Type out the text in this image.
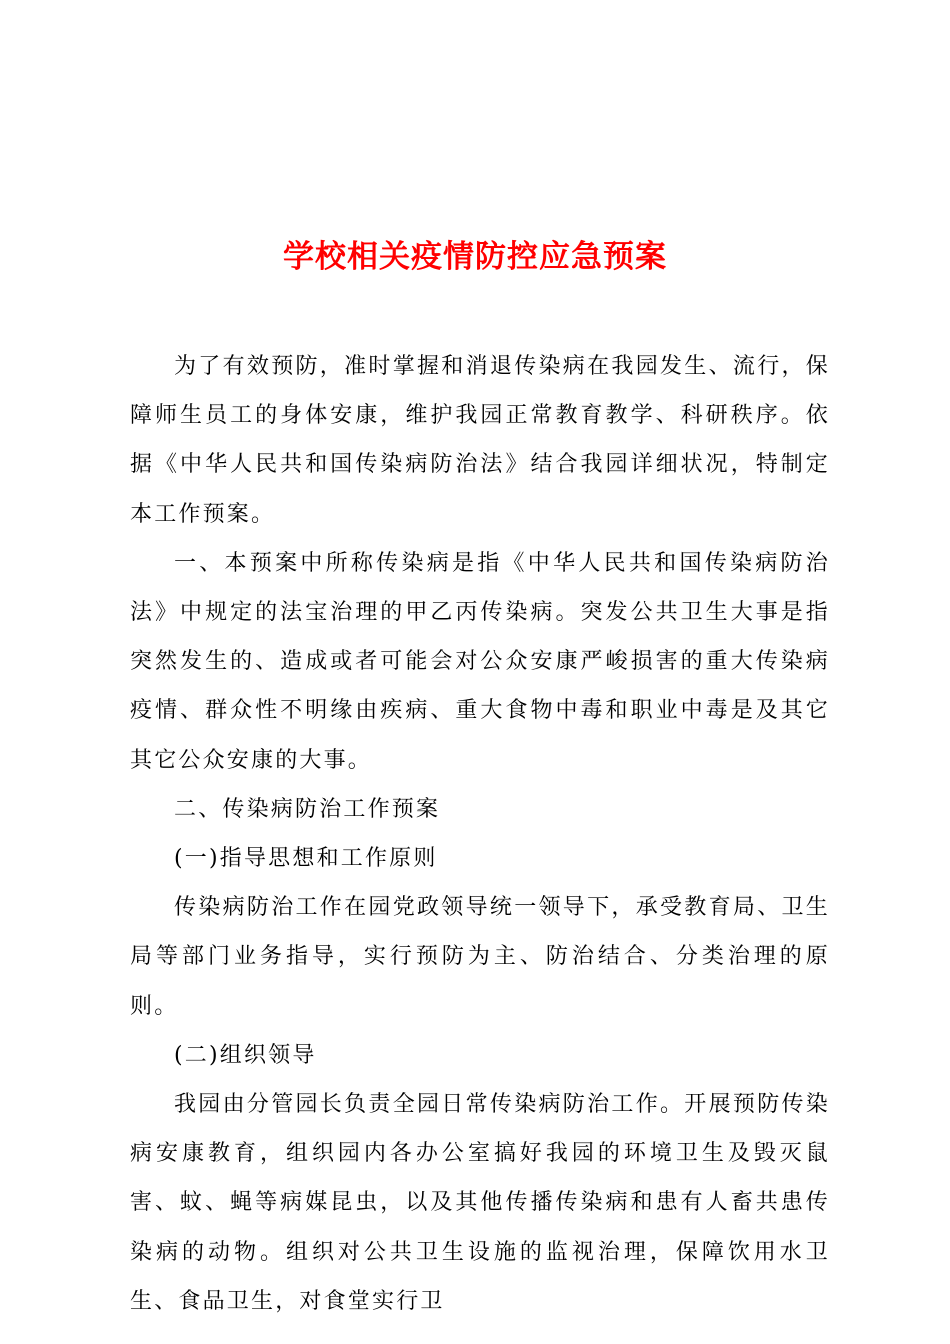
学校相关疫情防控应急预案

为了有效预防，准时掌握和消退传染病在我园发生、流行，保障师生员工的身体安康，维护我园正常教育教学、科研秩序。依据《中华人民共和国传染病防治法》结合我园详细状况，特制定本工作预案。

一、本预案中所称传染病是指《中华人民共和国传染病防治法》中规定的法宝治理的甲乙丙传染病。突发公共卫生大事是指突然发生的、造成或者可能会对公众安康严峻损害的重大传染病疫情、群众性不明缘由疾病、重大食物中毒和职业中毒是及其它其它公众安康的大事。

二、传染病防治工作预案

(一)指导思想和工作原则

传染病防治工作在园党政领导统一领导下，承受教育局、卫生局等部门业务指导，实行预防为主、防治结合、分类治理的原则。

(二)组织领导

我园由分管园长负责全园日常传染病防治工作。开展预防传染病安康教育，组织园内各办公室搞好我园的环境卫生及毁灭鼠害、蚊、蝇等病媒昆虫，以及其他传播传染病和患有人畜共患传染病的动物。组织对公共卫生设施的监视治理，保障饮用水卫生、食品卫生，对食堂实行卫
